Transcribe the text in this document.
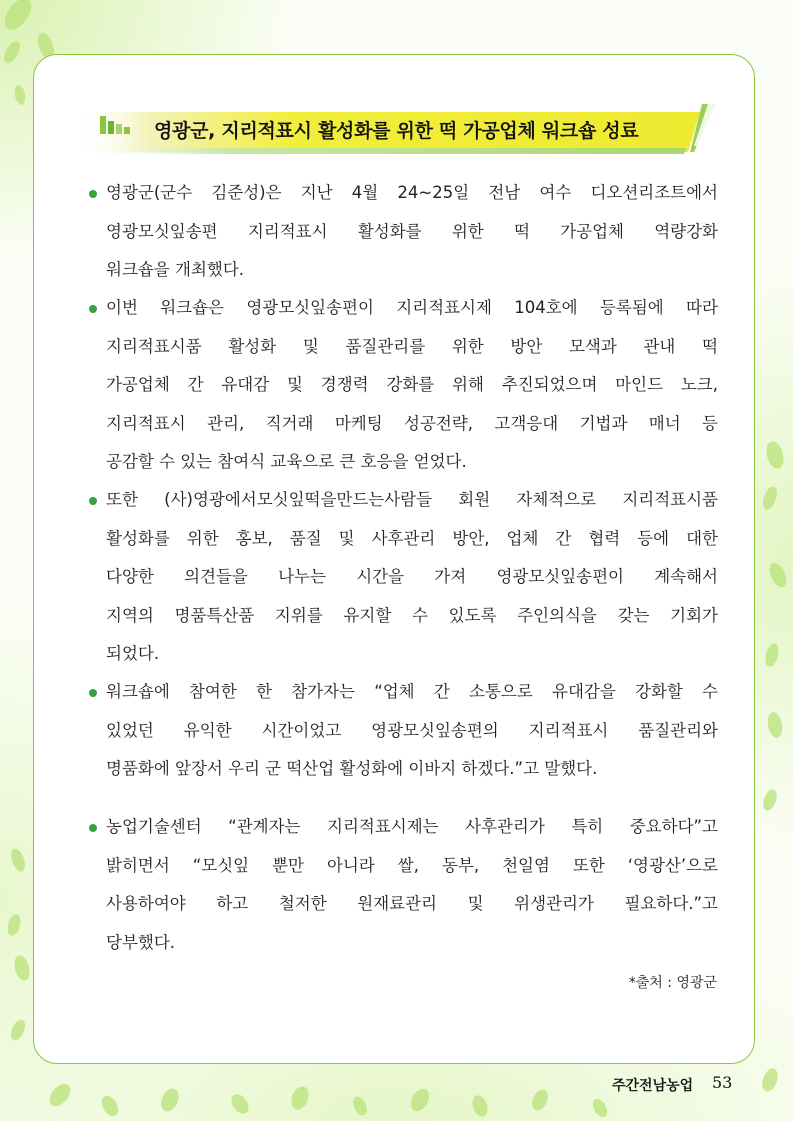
영광군, 지리적표시 활성화를 위한 떡 가공업체 워크숍 성료
영광군(군수 김준성)은 지난 4월 24~25일 전남 여수 디오션리조트에서
영광모싯잎송편 지리적표시 활성화를 위한 떡 가공업체 역량강화
워크숍을 개최했다.
이번 워크숍은 영광모싯잎송편이 지리적표시제 104호에 등록됨에 따라
지리적표시품 활성화 및 품질관리를 위한 방안 모색과 관내 떡
가공업체 간 유대감 및 경쟁력 강화를 위해 추진되었으며 마인드 노크,
지리적표시 관리, 직거래 마케팅 성공전략, 고객응대 기법과 매너 등
공감할 수 있는 참여식 교육으로 큰 호응을 얻었다.
또한 (사)영광에서모싯잎떡을만드는사람들 회원 자체적으로 지리적표시품
활성화를 위한 홍보, 품질 및 사후관리 방안, 업체 간 협력 등에 대한
다양한 의견들을 나누는 시간을 가져 영광모싯잎송편이 계속해서
지역의 명품특산품 지위를 유지할 수 있도록 주인의식을 갖는 기회가
되었다.
워크숍에 참여한 한 참가자는 “업체 간 소통으로 유대감을 강화할 수
있었던 유익한 시간이었고 영광모싯잎송편의 지리적표시 품질관리와
명품화에 앞장서 우리 군 떡산업 활성화에 이바지 하겠다.”고 말했다.
농업기술센터 “관계자는 지리적표시제는 사후관리가 특히 중요하다”고
밝히면서 “모싯잎 뿐만 아니라 쌀, 동부, 천일염 또한 ‘영광산’으로
사용하여야 하고 철저한 원재료관리 및 위생관리가 필요하다.”고
당부했다.
*출처 : 영광군
주간전남농업 53
